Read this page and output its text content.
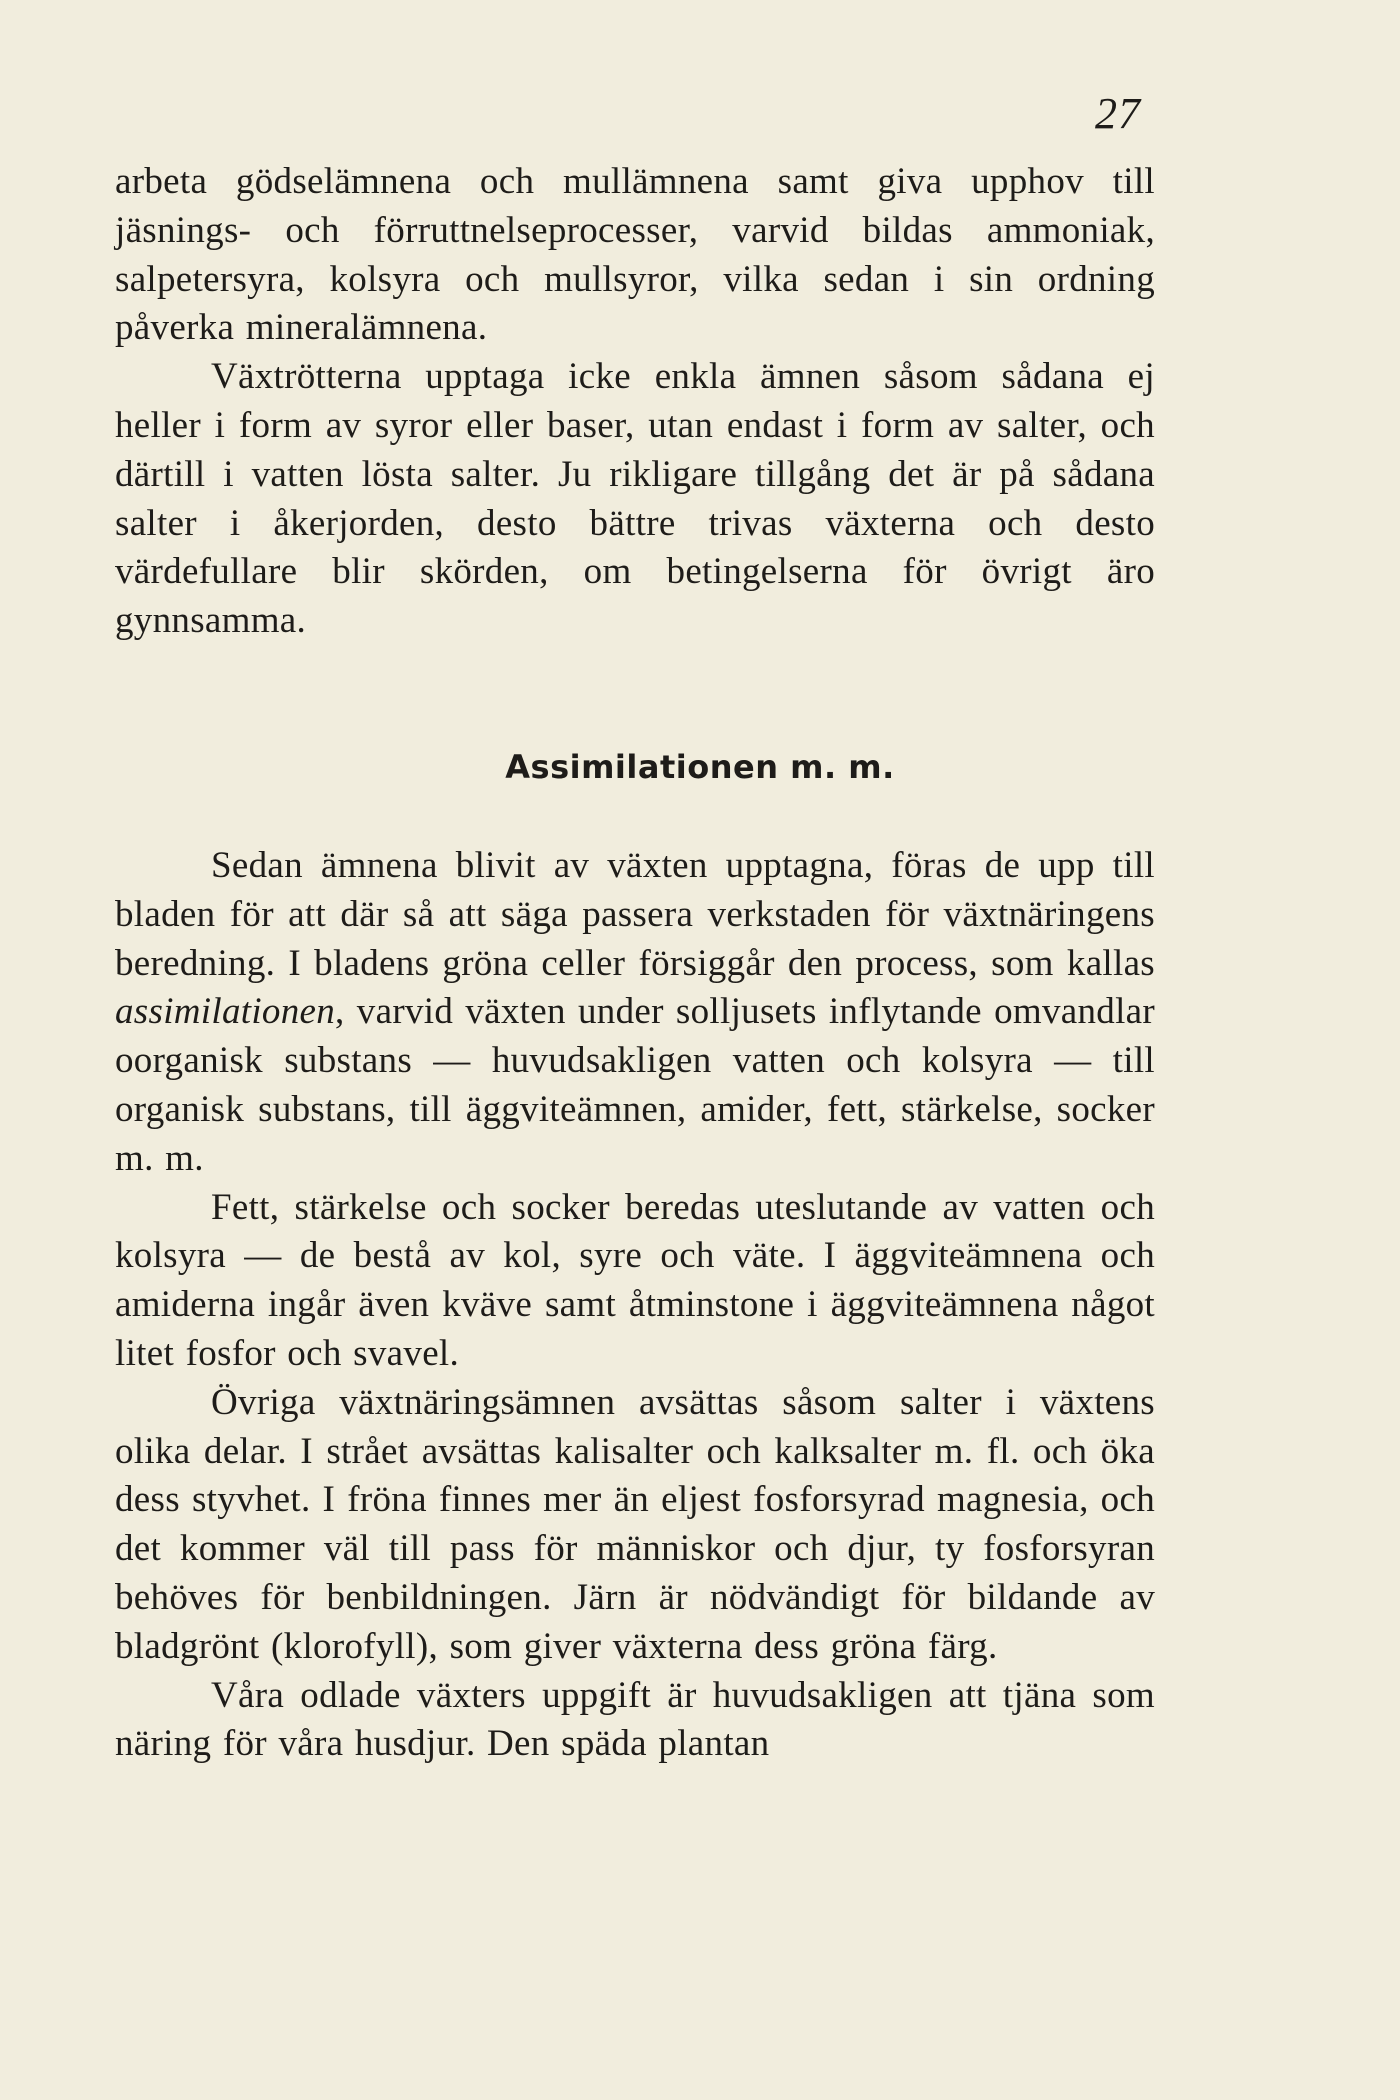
27

arbeta gödselämnena och mullämnena samt giva upphov till jäsnings- och förruttnelseprocesser, varvid bildas ammoniak, salpetersyra, kolsyra och mullsyror, vilka sedan i sin ordning påverka mineralämnena.

Växtrötterna upptaga icke enkla ämnen såsom sådana ej heller i form av syror eller baser, utan endast i form av salter, och därtill i vatten lösta salter. Ju rikligare tillgång det är på sådana salter i åkerjorden, desto bättre trivas växterna och desto värdefullare blir skörden, om betingelserna för övrigt äro gynnsamma.

Assimilationen m. m.

Sedan ämnena blivit av växten upptagna, föras de upp till bladen för att där så att säga passera verkstaden för växtnäringens beredning. I bladens gröna celler försiggår den process, som kallas assimilationen, varvid växten under solljusets inflytande omvandlar oorganisk substans — huvudsakligen vatten och kolsyra — till organisk substans, till äggviteämnen, amider, fett, stärkelse, socker m. m.

Fett, stärkelse och socker beredas uteslutande av vatten och kolsyra — de bestå av kol, syre och väte. I äggviteämnena och amiderna ingår även kväve samt åtminstone i äggviteämnena något litet fosfor och svavel.

Övriga växtnäringsämnen avsättas såsom salter i växtens olika delar. I strået avsättas kalisalter och kalksalter m. fl. och öka dess styvhet. I fröna finnes mer än eljest fosforsyrad magnesia, och det kommer väl till pass för människor och djur, ty fosforsyran behöves för benbildningen. Järn är nödvändigt för bildande av bladgrönt (klorofyll), som giver växterna dess gröna färg.

Våra odlade växters uppgift är huvudsakligen att tjäna som näring för våra husdjur. Den späda plantan
